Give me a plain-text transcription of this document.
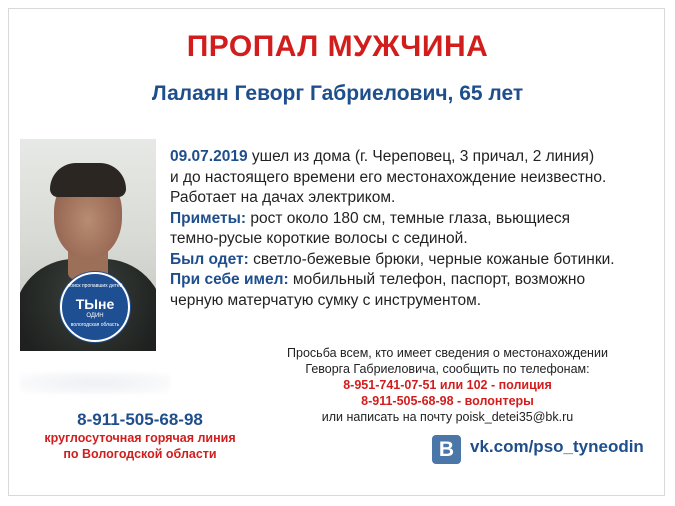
ПРОПАЛ МУЖЧИНА
Лалаян Геворг Габриелович, 65 лет
поиск пропавших детей
ТЫне
ОДИН
вологодская область
09.07.2019 ушел из дома (г. Череповец, 3 причал, 2 линия)
и до настоящего времени его местонахождение неизвестно.
Работает на дачах электриком.
Приметы: рост около 180 см, темные глаза, вьющиеся
темно-русые короткие волосы с сединой.
Был одет: светло-бежевые брюки, черные кожаные ботинки.
При себе имел: мобильный телефон, паспорт, возможно
черную матерчатую сумку с инструментом.
Просьба всем, кто имеет сведения о местонахождении
Геворга Габриеловича, сообщить по телефонам:
8-951-741-07-51 или 102 - полиция
8-911-505-68-98 - волонтеры
или написать на почту poisk_detei35@bk.ru
8-911-505-68-98
круглосуточная горячая линия
по Вологодской области	B vk.com/pso_tyneodin
